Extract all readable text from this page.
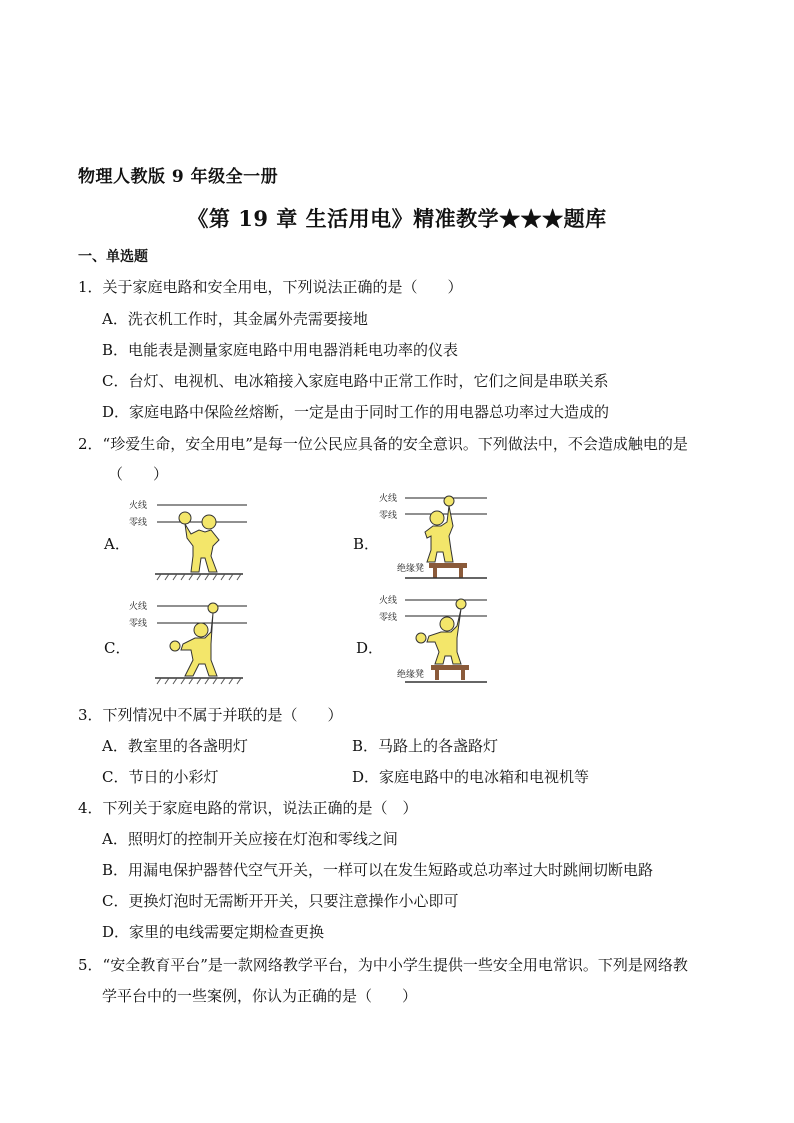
物理人教版 9 年级全一册
《第 19 章 生活用电》精准教学★★★题库
一、单选题
1．关于家庭电路和安全用电，下列说法正确的是（　　）
A．洗衣机工作时，其金属外壳需要接地
B．电能表是测量家庭电路中用电器消耗电功率的仪表
C．台灯、电视机、电冰箱接入家庭电路中正常工作时，它们之间是串联关系
D．家庭电路中保险丝熔断，一定是由于同时工作的用电器总功率过大造成的
2．“珍爱生命，安全用电”是每一位公民应具备的安全意识。下列做法中，不会造成触电的是
（　　）
A．	B．
C．	D．
火线
零线
火线
零线
绝缘凳
火线
零线
火线
零线
绝缘凳
3．下列情况中不属于并联的是（　　）
A．教室里的各盏明灯	B．马路上的各盏路灯
C．节日的小彩灯	D．家庭电路中的电冰箱和电视机等
4．下列关于家庭电路的常识，说法正确的是（　）
A．照明灯的控制开关应接在灯泡和零线之间
B．用漏电保护器替代空气开关，一样可以在发生短路或总功率过大时跳闸切断电路
C．更换灯泡时无需断开开关，只要注意操作小心即可
D．家里的电线需要定期检查更换
5．“安全教育平台”是一款网络教学平台，为中小学生提供一些安全用电常识。下列是网络教
学平台中的一些案例，你认为正确的是（　　）
